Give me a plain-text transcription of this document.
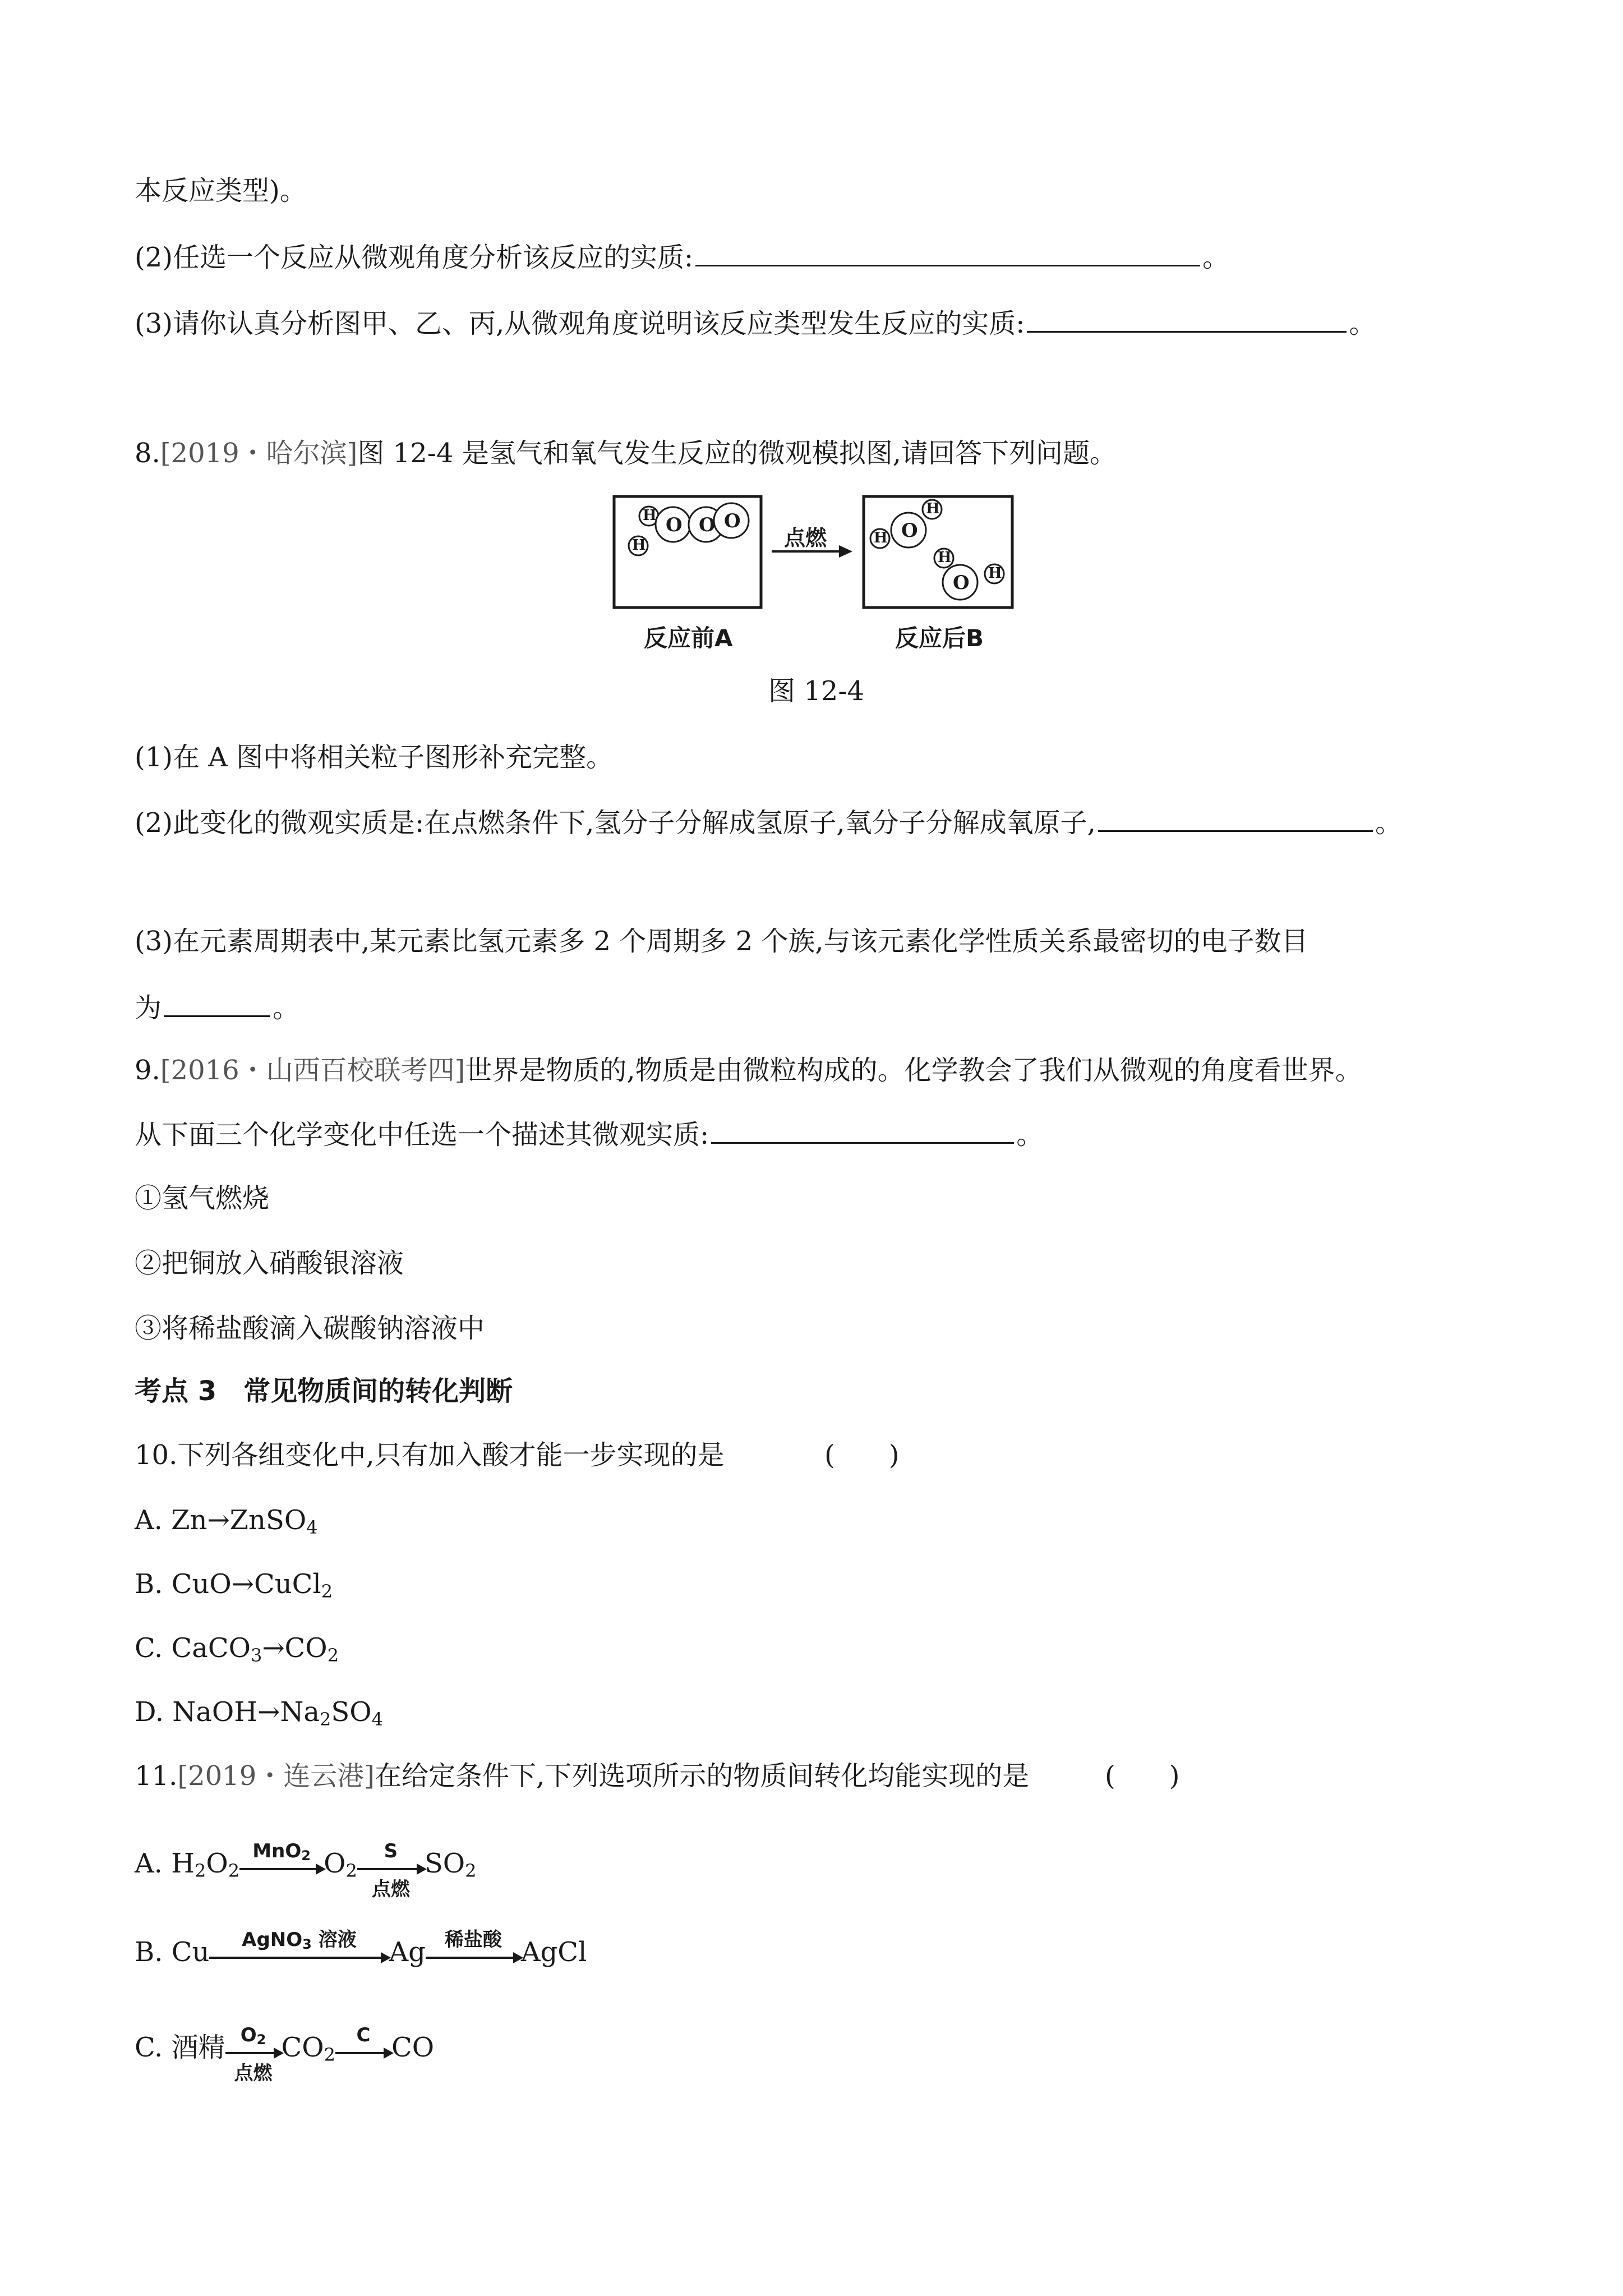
本反应类型)。
(2)任选一个反应从微观角度分析该反应的实质:	。
(3)请你认真分析图甲、乙、丙,从微观角度说明该反应类型发生反应的实质:	。
8.[2019・哈尔滨]图 12-4 是氢气和氧气发生反应的微观模拟图,请回答下列问题。
H
H
O O O
H O
H
H
O H
点燃
反应前A	反应后B
图 12-4
(1)在 A 图中将相关粒子图形补充完整。
(2)此变化的微观实质是:在点燃条件下,氢分子分解成氢原子,氧分子分解成氧原子,	。
(3)在元素周期表中,某元素比氢元素多 2 个周期多 2 个族,与该元素化学性质关系最密切的电子数目
为	。
9.[2016・山西百校联考四]世界是物质的,物质是由微粒构成的。化学教会了我们从微观的角度看世界。
从下面三个化学变化中任选一个描述其微观实质:	。
①氢气燃烧
②把铜放入硝酸银溶液
③将稀盐酸滴入碳酸钠溶液中
考点 3　常见物质间的转化判断
10.下列各组变化中,只有加入酸才能一步实现的是	(　　)
A. Zn→ZnSO$_4$
B. CuO→CuCl$_2$
C. $CaCO_3\to CO_2$
D. $NaOH\to Na_2SO_4$
11.[2019・连云港]在给定条件下,下列选项所示的物质间转化均能实现的是	(　　)
A. $H_2O_2$
MnO$_2$ $O_2$
S
点燃
$SO_2$
B. Cu	AgNO$_3$ 溶液	Ag	稀盐酸 AgCl
C. 酒精 $O_2$
点燃
$CO_2$
C CO
